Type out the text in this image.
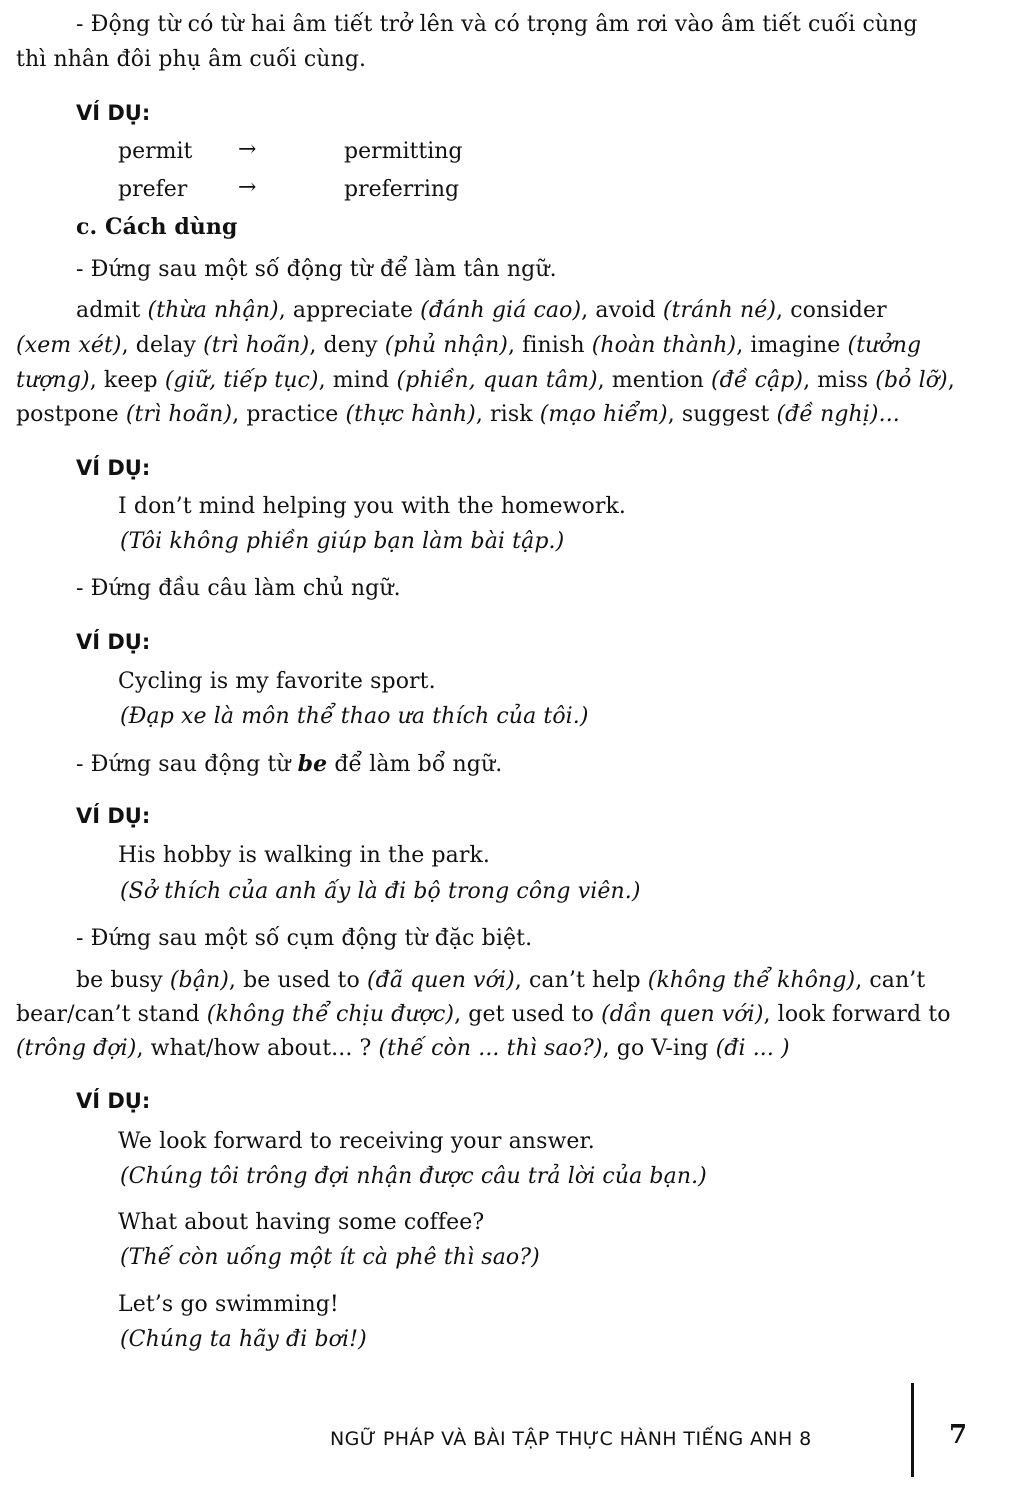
- Động từ có từ hai âm tiết trở lên và có trọng âm rơi vào âm tiết cuối cùng
thì nhân đôi phụ âm cuối cùng.
VÍ DỤ:
permit →	permitting
prefer →	preferring
c. Cách dùng
- Đứng sau một số động từ để làm tân ngữ.
admit (thừa nhận), appreciate (đánh giá cao), avoid (tránh né), consider
(xem xét), delay (trì hoãn), deny (phủ nhận), finish (hoàn thành), imagine (tưởng
tượng), keep (giữ, tiếp tục), mind (phiền, quan tâm), mention (đề cập), miss (bỏ lỡ),
postpone (trì hoãn), practice (thực hành), risk (mạo hiểm), suggest (đề nghị)...
VÍ DỤ:
I don’t mind helping you with the homework.
(Tôi không phiền giúp bạn làm bài tập.)
- Đứng đầu câu làm chủ ngữ.
VÍ DỤ:
Cycling is my favorite sport.
(Đạp xe là môn thể thao ưa thích của tôi.)
- Đứng sau động từ be để làm bổ ngữ.
VÍ DỤ:
His hobby is walking in the park.
(Sở thích của anh ấy là đi bộ trong công viên.)
- Đứng sau một số cụm động từ đặc biệt.
be busy (bận), be used to (đã quen với), can’t help (không thể không), can’t
bear/can’t stand (không thể chịu được), get used to (dần quen với), look forward to
(trông đợi), what/how about... ? (thế còn ... thì sao?), go V-ing (đi ... )
VÍ DỤ:
We look forward to receiving your answer.
(Chúng tôi trông đợi nhận được câu trả lời của bạn.)
What about having some coffee?
(Thế còn uống một ít cà phê thì sao?)
Let’s go swimming!
(Chúng ta hãy đi bơi!)
NGỮ PHÁP VÀ BÀI TẬP THỰC HÀNH TIẾNG ANH 8	7
